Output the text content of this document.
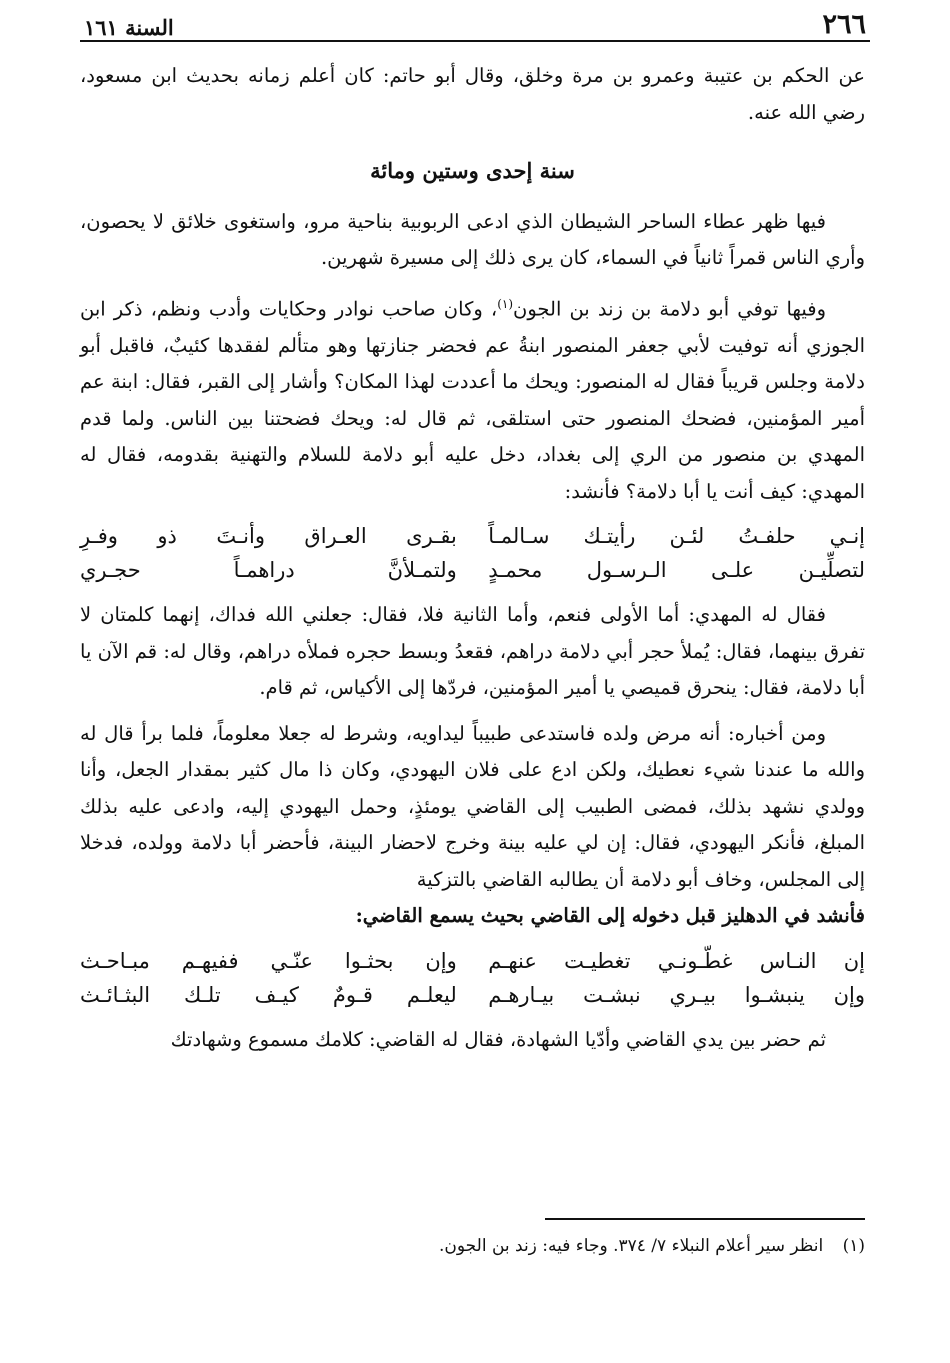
٢٦٦
السنة ١٦١

عن الحكم بن عتيبة وعمرو بن مرة وخلق، وقال أبو حاتم: كان أعلم زمانه بحديث ابن مسعود، رضي الله عنه.

سنة إحدى وستين ومائة

فيها ظهر عطاء الساحر الشيطان الذي ادعى الربوبية بناحية مرو، واستغوى خلائق لا يحصون، وأري الناس قمراً ثانياً في السماء، كان يرى ذلك إلى مسيرة شهرين.

وفيها توفي أبو دلامة بن زند بن الجون$^{(١)}$، وكان صاحب نوادر وحكايات وأدب ونظم، ذكر ابن الجوزي أنه توفيت لأبي جعفر المنصور ابنةُ عم فحضر جنازتها وهو متألم لفقدها كئيبٌ، فاقبل أبو دلامة وجلس قريباً فقال له المنصور: ويحك ما أعددت لهذا المكان؟ وأشار إلى القبر، فقال: ابنة عم أمير المؤمنين، فضحك المنصور حتى استلقى، ثم قال له: ويحك فضحتنا بين الناس. ولما قدم المهدي بن منصور من الري إلى بغداد، دخل عليه أبو دلامة للسلام والتهنية بقدومه، فقال له المهدي: كيف أنت يا أبا دلامة؟ فأنشد:

إنـي حلفـتُ لئـن رأيتـك سـالمـاً
بقـرى العـراق وأنـتَ ذو وفـرِ
لتصلِّيـن علـى الـرسـول محمـدٍ
ولتمـلأنَّ دراهمـاً حجـري

فقال له المهدي: أما الأولى فنعم، وأما الثانية فلا، فقال: جعلني الله فداك، إنهما كلمتان لا تفرق بينهما، فقال: يُملأ حجر أبي دلامة دراهم، فقعدُ وبسط حجره فملأه دراهم، وقال له: قم الآن يا أبا دلامة، فقال: ينحرق قميصي يا أمير المؤمنين، فردّها إلى الأكياس، ثم قام.

ومن أخباره: أنه مرض ولده فاستدعى طبيباً ليداويه، وشرط له جعلا معلوماً، فلما برأ قال له والله ما عندنا شيء نعطيك، ولكن ادع على فلان اليهودي، وكان ذا مال كثير بمقدار الجعل، وأنا وولدي نشهد بذلك، فمضى الطبيب إلى القاضي يومئذٍ، وحمل اليهودي إليه، وادعى عليه بذلك المبلغ، فأنكر اليهودي، فقال: إن لي عليه بينة وخرج لاحضار البينة، فأحضر أبا دلامة وولده، فدخلا إلى المجلس، وخاف أبو دلامة أن يطالبه القاضي بالتزكية

فأنشد في الدهليز قبل دخوله إلى القاضي بحيث يسمع القاضي:

إن النـاس غطّـونـي تغطيـت عنهـم
وإن بحثـوا عنّـي ففيهـم مبـاحـث
وإن ينبشـوا بيـري نبشـت بيـارهـم
ليعلـم قـومٌ كيـف تلـك البثـائـث

ثم حضر بين يدي القاضي وأدّيا الشهادة، فقال له القاضي: كلامك مسموع وشهادتك

(١) انظر سير أعلام النبلاء ٧/ ٣٧٤. وجاء فيه: زند بن الجون.
